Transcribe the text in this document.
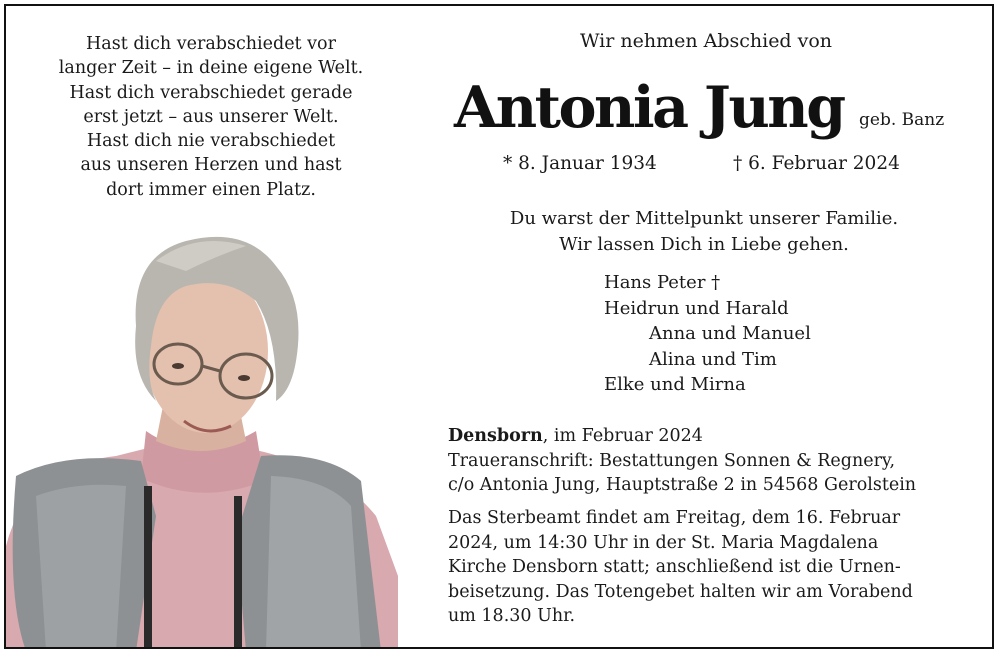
Hast dich verabschiedet vor
langer Zeit – in deine eigene Welt.
Hast dich verabschiedet gerade
erst jetzt – aus unserer Welt.
Hast dich nie verabschiedet
aus unseren Herzen und hast
dort immer einen Platz.
Wir nehmen Abschied von
Antonia Jung geb. Banz
* 8. Januar 1934	† 6. Februar 2024
Du warst der Mittelpunkt unserer Familie.
Wir lassen Dich in Liebe gehen.
Hans Peter †
Heidrun und Harald
Anna und Manuel
Alina und Tim
Elke und Mirna
Densborn, im Februar 2024
Traueranschrift: Bestattungen Sonnen & Regnery,
c/o Antonia Jung, Hauptstraße 2 in 54568 Gerolstein
Das Sterbeamt findet am Freitag, dem 16. Februar
2024, um 14:30 Uhr in der St. Maria Magdalena
Kirche Densborn statt; anschließend ist die Urnen-
beisetzung. Das Totengebet halten wir am Vorabend
um 18.30 Uhr.
